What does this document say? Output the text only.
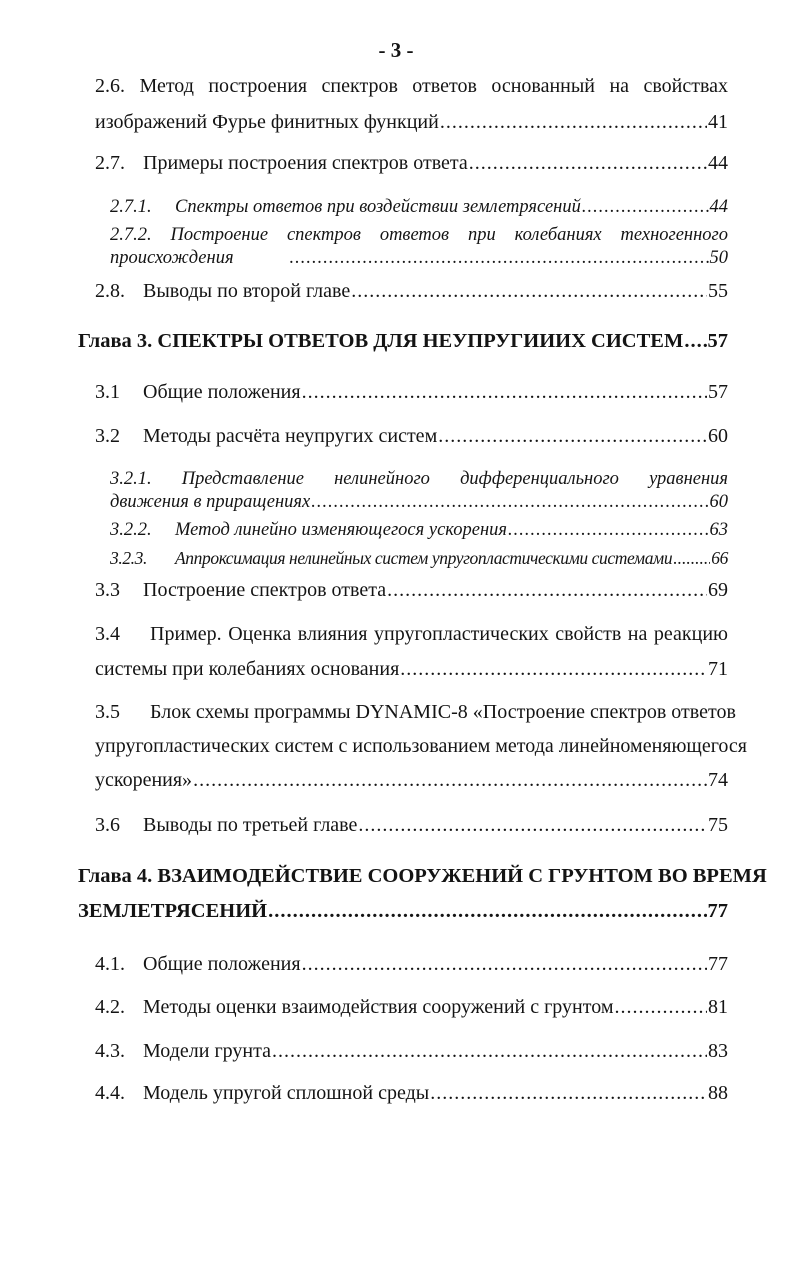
- 3 -
2.6. Метод построения спектров ответов основанный на свойствах
изображений Фурье финитных функций .....	41
2.7. Примеры построения спектров ответа .....	44
2.7.1.	Спектры ответов при воздействии землетрясений .....	44
2.7.2. Построение спектров ответов при колебаниях техногенного
происхождения .....	50
2.8. Выводы по второй главе .....	55
Глава 3. СПЕКТРЫ ОТВЕТОВ ДЛЯ НЕУПРУГИИИХ СИСТЕМ ..... 57
3.1	Общие положения .....	57
3.2	Методы расчёта неупругих систем .....	60
3.2.1. Представление нелинейного дифференциального уравнения
движения в приращениях .....	60
3.2.2.	Метод линейно изменяющегося ускорения .....	63
3.2.3.	Аппроксимация нелинейных систем упругопластическими системами ..... 66
3.3	Построение спектров ответа .....	69
3.4 Пример. Оценка влияния упругопластических свойств на реакцию
системы при колебаниях основания .....	71
3.5 Блок схемы программы DYNAMIC-8 «Построение спектров ответов
упругопластических систем с использованием метода линейноменяющегося
ускорения» .....	74
3.6	Выводы по третьей главе .....	75
Глава 4. ВЗАИМОДЕЙСТВИЕ СООРУЖЕНИЙ С ГРУНТОМ ВО ВРЕМЯ
ЗЕМЛЕТРЯСЕНИЙ .....	77
4.1. Общие положения .....	77
4.2. Методы оценки взаимодействия сооружений с грунтом .....	81
4.3. Модели грунта .....	83
4.4. Модель упругой сплошной среды .....	88
